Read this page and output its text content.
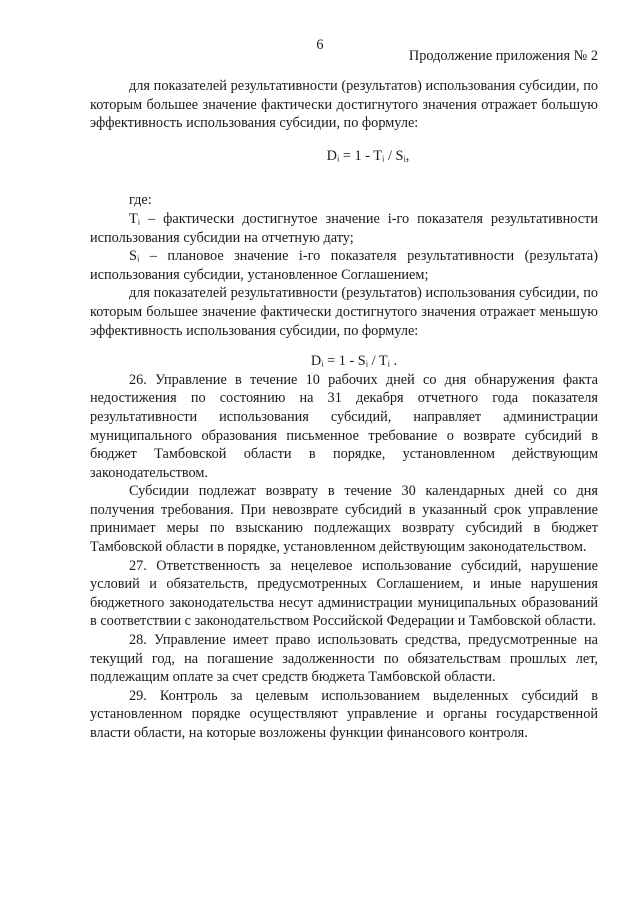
6
Продолжение приложения № 2

для показателей результативности (результатов) использования субсидии, по которым большее значение фактически достигнутого значения отражает большую эффективность использования субсидии, по формуле:

Dᵢ = 1 - Tᵢ / Sᵢ,

где:

Tᵢ – фактически достигнутое значение i-го показателя результативности использования субсидии на отчетную дату;

Sᵢ – плановое значение i-го показателя результативности (результата) использования субсидии, установленное Соглашением;

для показателей результативности (результатов) использования субсидии, по которым большее значение фактически достигнутого значения отражает меньшую эффективность использования субсидии, по формуле:

Dᵢ = 1 - Sᵢ / Tᵢ .

26. Управление в течение 10 рабочих дней со дня обнаружения факта недостижения по состоянию на 31 декабря отчетного года показателя результативности использования субсидий, направляет администрации муниципального образования письменное требование о возврате субсидий в бюджет Тамбовской области в порядке, установленном действующим законодательством.

Субсидии подлежат возврату в течение 30 календарных дней со дня получения требования. При невозврате субсидий в указанный срок управление принимает меры по взысканию подлежащих возврату субсидий в бюджет Тамбовской области в порядке, установленном действующим законодательством.

27. Ответственность за нецелевое использование субсидий, нарушение условий и обязательств, предусмотренных Соглашением, и иные нарушения бюджетного законодательства несут администрации муниципальных образований в соответствии с законодательством Российской Федерации и Тамбовской области.

28. Управление имеет право использовать средства, предусмотренные на текущий год, на погашение задолженности по обязательствам прошлых лет, подлежащим оплате за счет средств бюджета Тамбовской области.

29. Контроль за целевым использованием выделенных субсидий в установленном порядке осуществляют управление и органы государственной власти области, на которые возложены функции финансового контроля.
